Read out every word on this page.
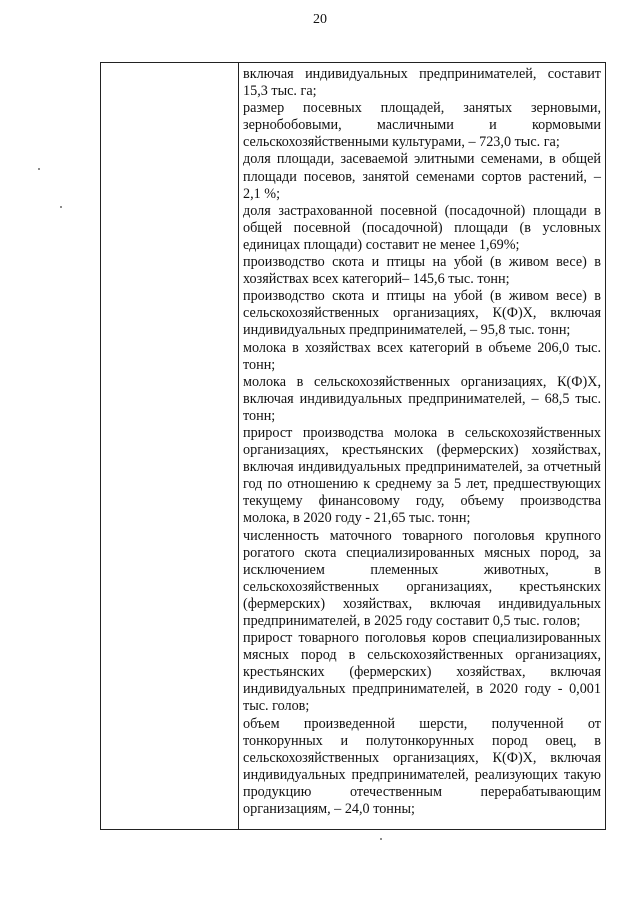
20

включая индивидуальных предпринимателей, составит 15,3 тыс. га;

размер посевных площадей, занятых зерновыми, зернобобовыми, масличными и кормовыми сельскохозяйственными культурами, – 723,0 тыс. га;

доля площади, засеваемой элитными семенами, в общей площади посевов, занятой семенами сортов растений, – 2,1 %;

доля застрахованной посевной (посадочной) площади в общей посевной (посадочной) площади (в условных единицах площади) составит не менее 1,69%;

производство скота и птицы на убой (в живом весе) в хозяйствах всех категорий– 145,6 тыс. тонн;

производство скота и птицы на убой (в живом весе) в сельскохозяйственных организациях, К(Ф)Х, включая индивидуальных предпринимателей, – 95,8 тыс. тонн;

молока в хозяйствах всех категорий в объеме 206,0 тыс. тонн;

молока в сельскохозяйственных организациях, К(Ф)Х, включая индивидуальных предпринимателей, – 68,5 тыс. тонн;

прирост производства молока в сельскохозяйственных организациях, крестьянских (фермерских) хозяйствах, включая индивидуальных предпринимателей, за отчетный год по отношению к среднему за 5 лет, предшествующих текущему финансовому году, объему производства молока, в 2020 году - 21,65 тыс. тонн;

численность маточного товарного поголовья крупного рогатого скота специализированных мясных пород, за исключением племенных животных, в сельскохозяйственных организациях, крестьянских (фермерских) хозяйствах, включая индивидуальных предпринимателей, в 2025 году составит 0,5 тыс. голов;

прирост товарного поголовья коров специализированных мясных пород в сельскохозяйственных организациях, крестьянских (фермерских) хозяйствах, включая индивидуальных предпринимателей, в 2020 году - 0,001 тыс. голов;

объем произведенной шерсти, полученной от тонкорунных и полутонкорунных пород овец, в сельскохозяйственных организациях, К(Ф)Х, включая индивидуальных предпринимателей, реализующих такую продукцию отечественным перерабатывающим организациям, – 24,0 тонны;
